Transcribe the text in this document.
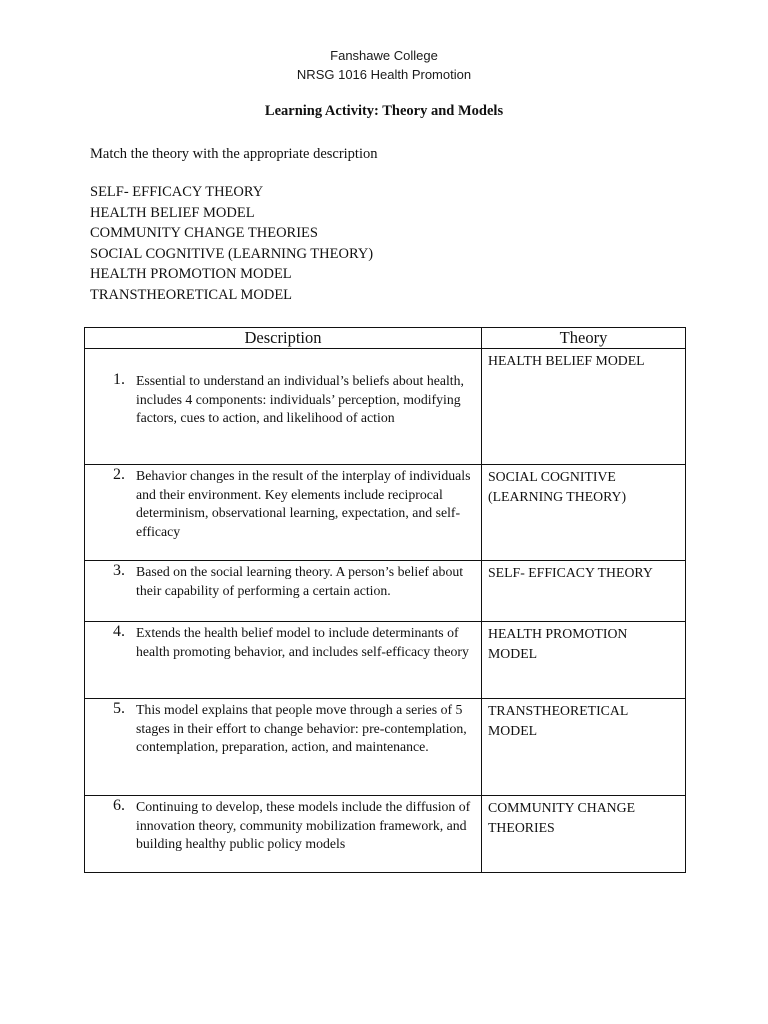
Fanshawe College
NRSG 1016 Health Promotion
Learning Activity: Theory and Models
Match the theory with the appropriate description
SELF- EFFICACY THEORY
HEALTH BELIEF MODEL
COMMUNITY CHANGE THEORIES
SOCIAL COGNITIVE (LEARNING THEORY)
HEALTH PROMOTION MODEL
TRANSTHEORETICAL MODEL
Description	Theory

1. Essential to understand an individual’s beliefs about health, includes 4 components: individuals’ perception, modifying factors, cues to action, and likelihood of action	HEALTH BELIEF MODEL

2. Behavior changes in the result of the interplay of individuals and their environment. Key elements include reciprocal determinism, observational learning, expectation, and self-efficacy	SOCIAL COGNITIVE (LEARNING THEORY)

3. Based on the social learning theory. A person’s belief about their capability of performing a certain action.	SELF- EFFICACY THEORY

4. Extends the health belief model to include determinants of health promoting behavior, and includes self-efficacy theory	HEALTH PROMOTION MODEL

5. This model explains that people move through a series of 5 stages in their effort to change behavior: pre-contemplation, contemplation, preparation, action, and maintenance.	TRANSTHEORETICAL MODEL

6. Continuing to develop, these models include the diffusion of innovation theory, community mobilization framework, and building healthy public policy models	COMMUNITY CHANGE THEORIES
